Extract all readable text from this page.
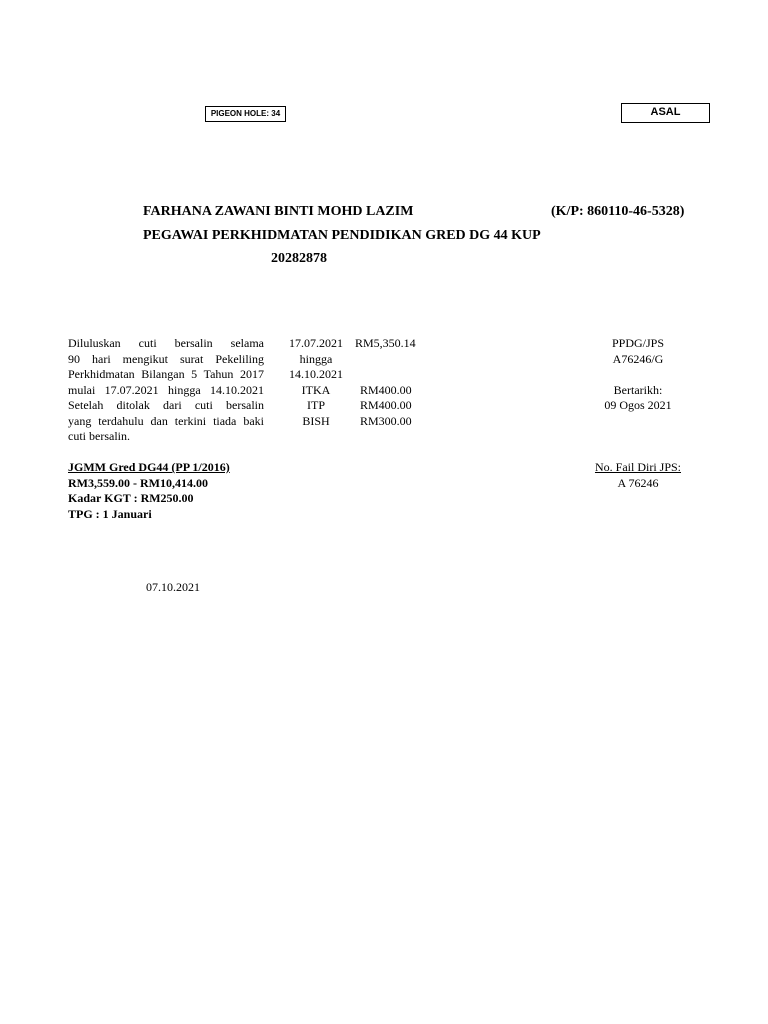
PIGEON HOLE: 34	ASAL
FARHANA ZAWANI BINTI MOHD LAZIM	(K/P: 860110-46-5328)
PEGAWAI PERKHIDMATAN PENDIDIKAN GRED DG 44 KUP
20282878
Diluluskan cuti bersalin selama
90 hari mengikut surat Pekeliling
Perkhidmatan Bilangan 5 Tahun 2017
mulai 17.07.2021 hingga 14.10.2021
Setelah ditolak dari cuti bersalin
yang terdahulu dan terkini tiada baki
cuti bersalin.
17.07.2021
hingga
14.10.2021
ITKA
ITP
BISH
RM5,350.14
RM400.00
RM400.00
RM300.00
PPDG/JPS
A76246/G
Bertarikh:
09 Ogos 2021
JGMM Gred DG44 (PP 1/2016)
RM3,559.00 - RM10,414.00
Kadar KGT : RM250.00
TPG : 1 Januari
No. Fail Diri JPS:
A 76246
07.10.2021
